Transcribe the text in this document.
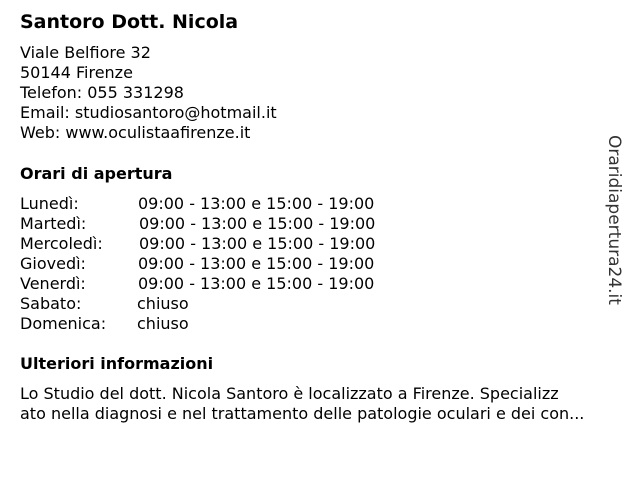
Santoro Dott. Nicola
Viale Belfiore 32
50144 Firenze
Telefon: 055 331298
Email: studiosantoro@hotmail.it
Web: www.oculistaafirenze.it
Orari di apertura
Lunedì:	09:00 - 13:00 e 15:00 - 19:00
Martedì:	09:00 - 13:00 e 15:00 - 19:00
Mercoledì: 09:00 - 13:00 e 15:00 - 19:00
Giovedì:	09:00 - 13:00 e 15:00 - 19:00
Venerdì:	09:00 - 13:00 e 15:00 - 19:00
Sabato:	chiuso
Domenica: chiuso
Ulteriori informazioni
Lo Studio del dott. Nicola Santoro è localizzato a Firenze. Specializz
ato nella diagnosi e nel trattamento delle patologie oculari e dei con...
Oraridiapertura24.it
